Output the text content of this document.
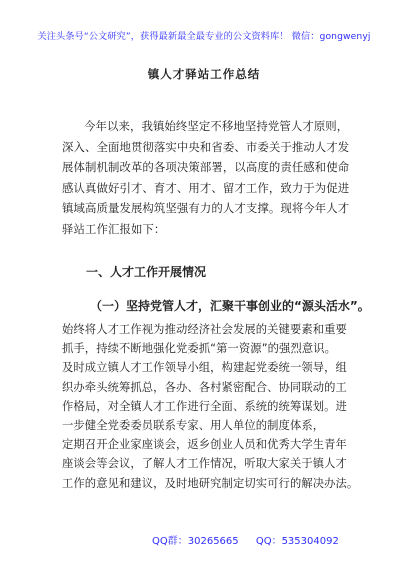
关注头条号“公文研究”，获得最新最全最专业的公文资料库！ 微信：gongwenyj
镇人才驿站工作总结
今年以来，我镇始终坚定不移地坚持党管人才原则，
深入、全面地贯彻落实中央和省委、市委关于推动人才发
展体制机制改革的各项决策部署，以高度的责任感和使命
感认真做好引才、育才、用才、留才工作，致力于为促进
镇域高质量发展构筑坚强有力的人才支撑。现将今年人才
驿站工作汇报如下：
一、人才工作开展情况
（一）坚持党管人才，汇聚干事创业的“源头活水”。
始终将人才工作视为推动经济社会发展的关键要素和重要
抓手，持续不断地强化党委抓“第一资源”的强烈意识。
及时成立镇人才工作领导小组，构建起党委统一领导，组
织办牵头统筹抓总，各办、各村紧密配合、协同联动的工
作格局，对全镇人才工作进行全面、系统的统筹谋划。进
一步健全党委委员联系专家、用人单位的制度体系，
定期召开企业家座谈会，返乡创业人员和优秀大学生青年
座谈会等会议，了解人才工作情况，听取大家关于镇人才
工作的意见和建议，及时地研究制定切实可行的解决办法。
QQ群：30265665 QQ：535304092
